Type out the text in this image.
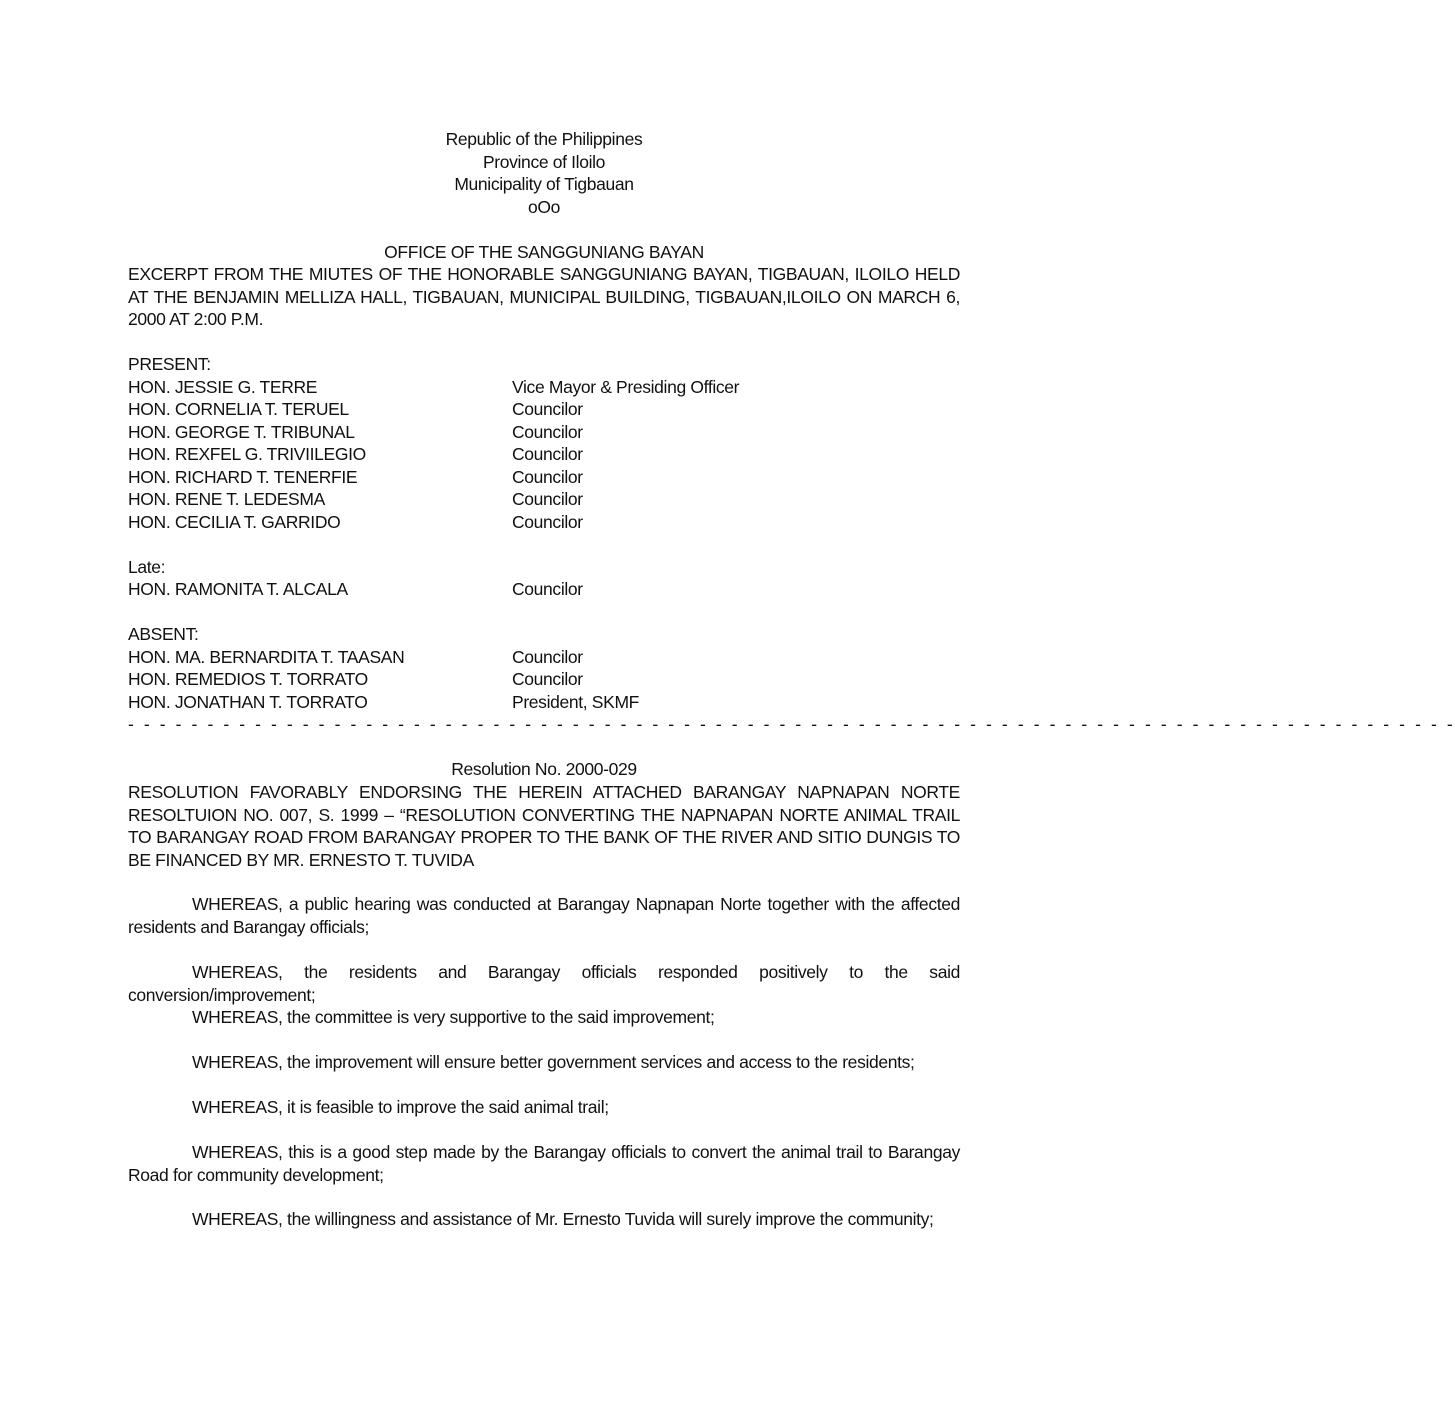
Republic of the Philippines
Province of Iloilo
Municipality of Tigbauan
oOo
OFFICE OF THE SANGGUNIANG BAYAN
EXCERPT FROM THE MIUTES OF THE HONORABLE SANGGUNIANG BAYAN, TIGBAUAN, ILOILO HELD AT THE BENJAMIN MELLIZA HALL, TIGBAUAN, MUNICIPAL BUILDING, TIGBAUAN,ILOILO ON MARCH 6, 2000 AT 2:00 P.M.
PRESENT:
HON. JESSIE G. TERRE	Vice Mayor & Presiding Officer
HON. CORNELIA T. TERUEL	Councilor
HON. GEORGE T. TRIBUNAL	Councilor
HON. REXFEL G. TRIVIILEGIO	Councilor
HON. RICHARD T. TENERFIE	Councilor
HON. RENE T. LEDESMA	Councilor
HON. CECILIA T. GARRIDO	Councilor
Late:
HON. RAMONITA T. ALCALA	Councilor
ABSENT:
HON. MA. BERNARDITA T. TAASAN	Councilor
HON. REMEDIOS T. TORRATO	Councilor
HON. JONATHAN T. TORRATO	President, SKMF
- - - - - - - - - - - - - - - - - - - - - - - - - - - - - - - - - - - - - - - - - - - - - - - - - - - - - - - - - - - - - - - - - - - - - - - - - - - - - - - - - - - -
Resolution No. 2000-029
RESOLUTION FAVORABLY ENDORSING THE HEREIN ATTACHED BARANGAY NAPNAPAN NORTE RESOLTUION NO. 007, S. 1999 – “RESOLUTION CONVERTING THE NAPNAPAN NORTE ANIMAL TRAIL TO BARANGAY ROAD FROM BARANGAY PROPER TO THE BANK OF THE RIVER AND SITIO DUNGIS TO BE FINANCED BY MR. ERNESTO T. TUVIDA
WHEREAS, a public hearing was conducted at Barangay Napnapan Norte together with the affected residents and Barangay officials;
WHEREAS, the residents and Barangay officials responded positively to the said conversion/improvement;
WHEREAS, the committee is very supportive to the said improvement;
WHEREAS, the improvement will ensure better government services and access to the residents;
WHEREAS, it is feasible to improve the said animal trail;
WHEREAS, this is a good step made by the Barangay officials to convert the animal trail to Barangay Road for community development;
WHEREAS, the willingness and assistance of Mr. Ernesto Tuvida will surely improve the community;
